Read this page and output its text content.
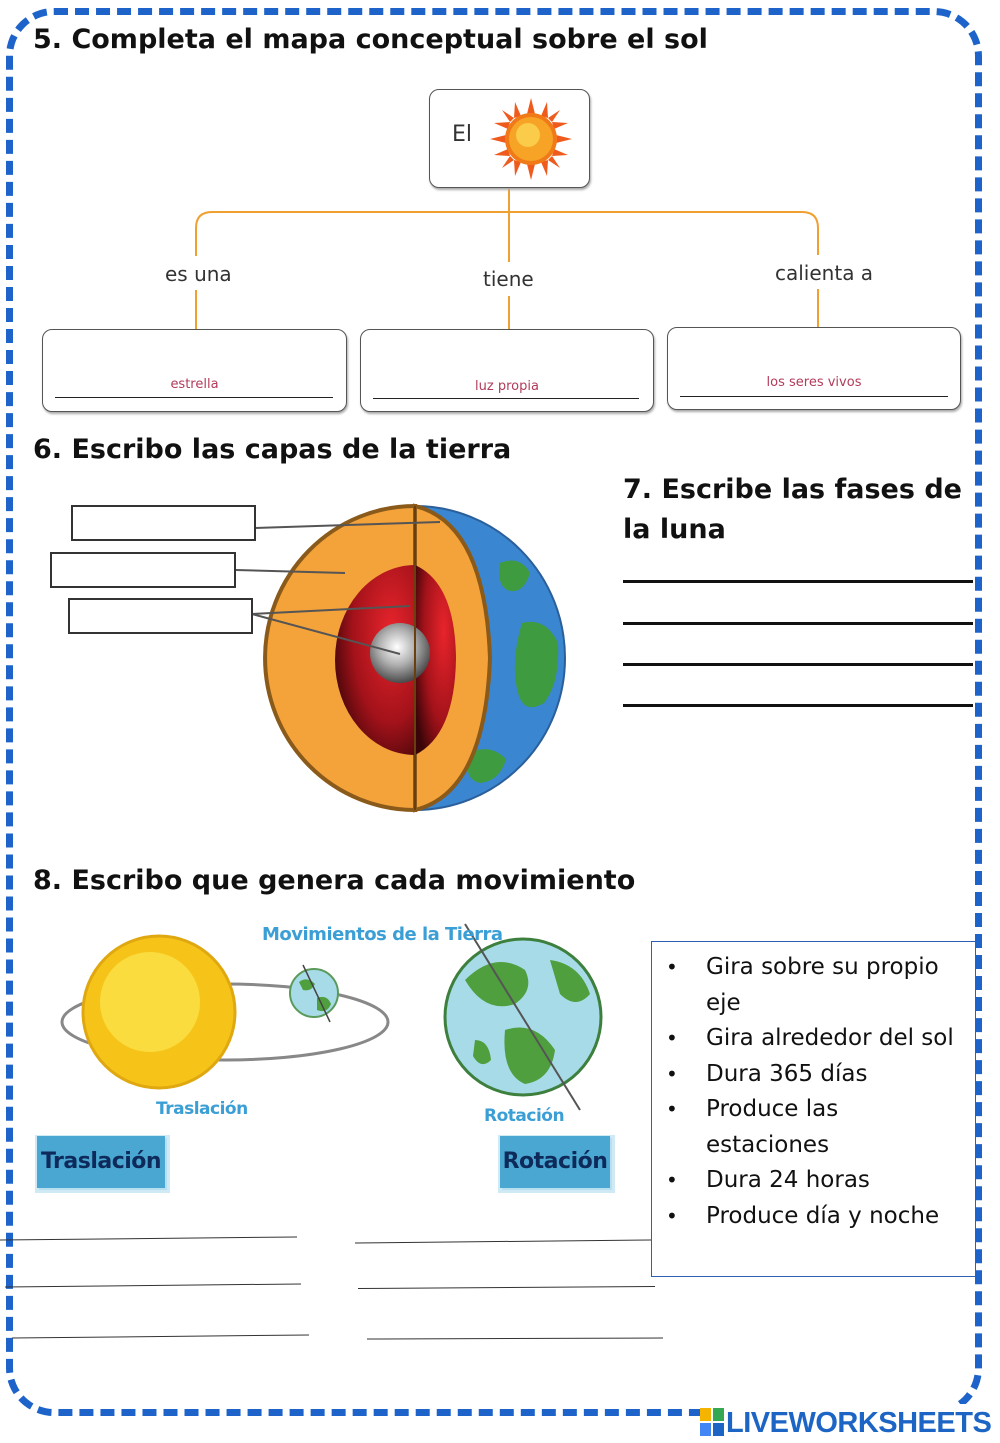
5. Completa el mapa conceptual sobre el sol
El
es una	tiene	calienta a
estrella	luz propia	los seres vivos
6. Escribo las capas de la tierra
7. Escribe las fases de la luna
8. Escribo que genera cada movimiento
Movimientos de la Tierra
Traslación	Rotación
Traslación	Rotación
• Gira sobre su propio eje
• Gira alrededor del sol
• Dura 365 días
• Produce las estaciones
• Dura 24 horas
• Produce día y noche
LIVEWORKSHEETS
